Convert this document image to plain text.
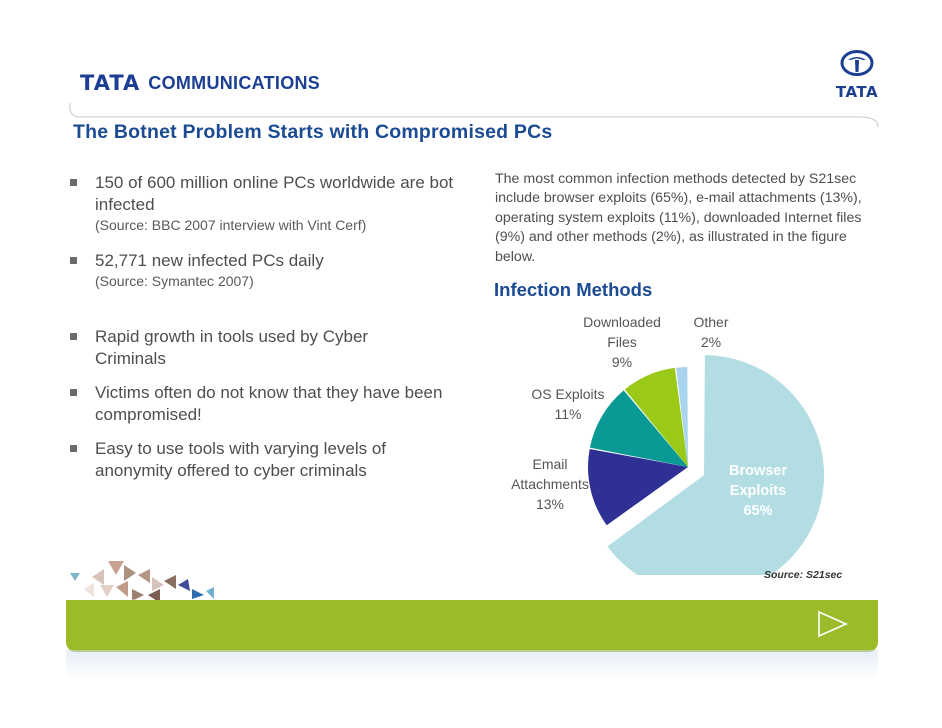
TATA COMMUNICATIONS	TATA
The Botnet Problem Starts with Compromised PCs
150 of 600 million online PCs worldwide are bot infected
(Source: BBC 2007 interview with Vint Cerf)
52,771 new infected PCs daily
(Source: Symantec 2007)
Rapid growth in tools used by Cyber Criminals
Victims often do not know that they have been compromised!
Easy to use tools with varying levels of anonymity offered to cyber criminals
The most common infection methods detected by S21sec include browser exploits (65%), e-mail attachments (13%), operating system exploits (11%), downloaded Internet files (9%) and other methods (2%), as illustrated in the figure below.
Infection Methods
Browser
Exploits
65%
Email
Attachments
13%
OS Exploits
11%
Downloaded
Files
9%
Other
2%
Source: S21sec
